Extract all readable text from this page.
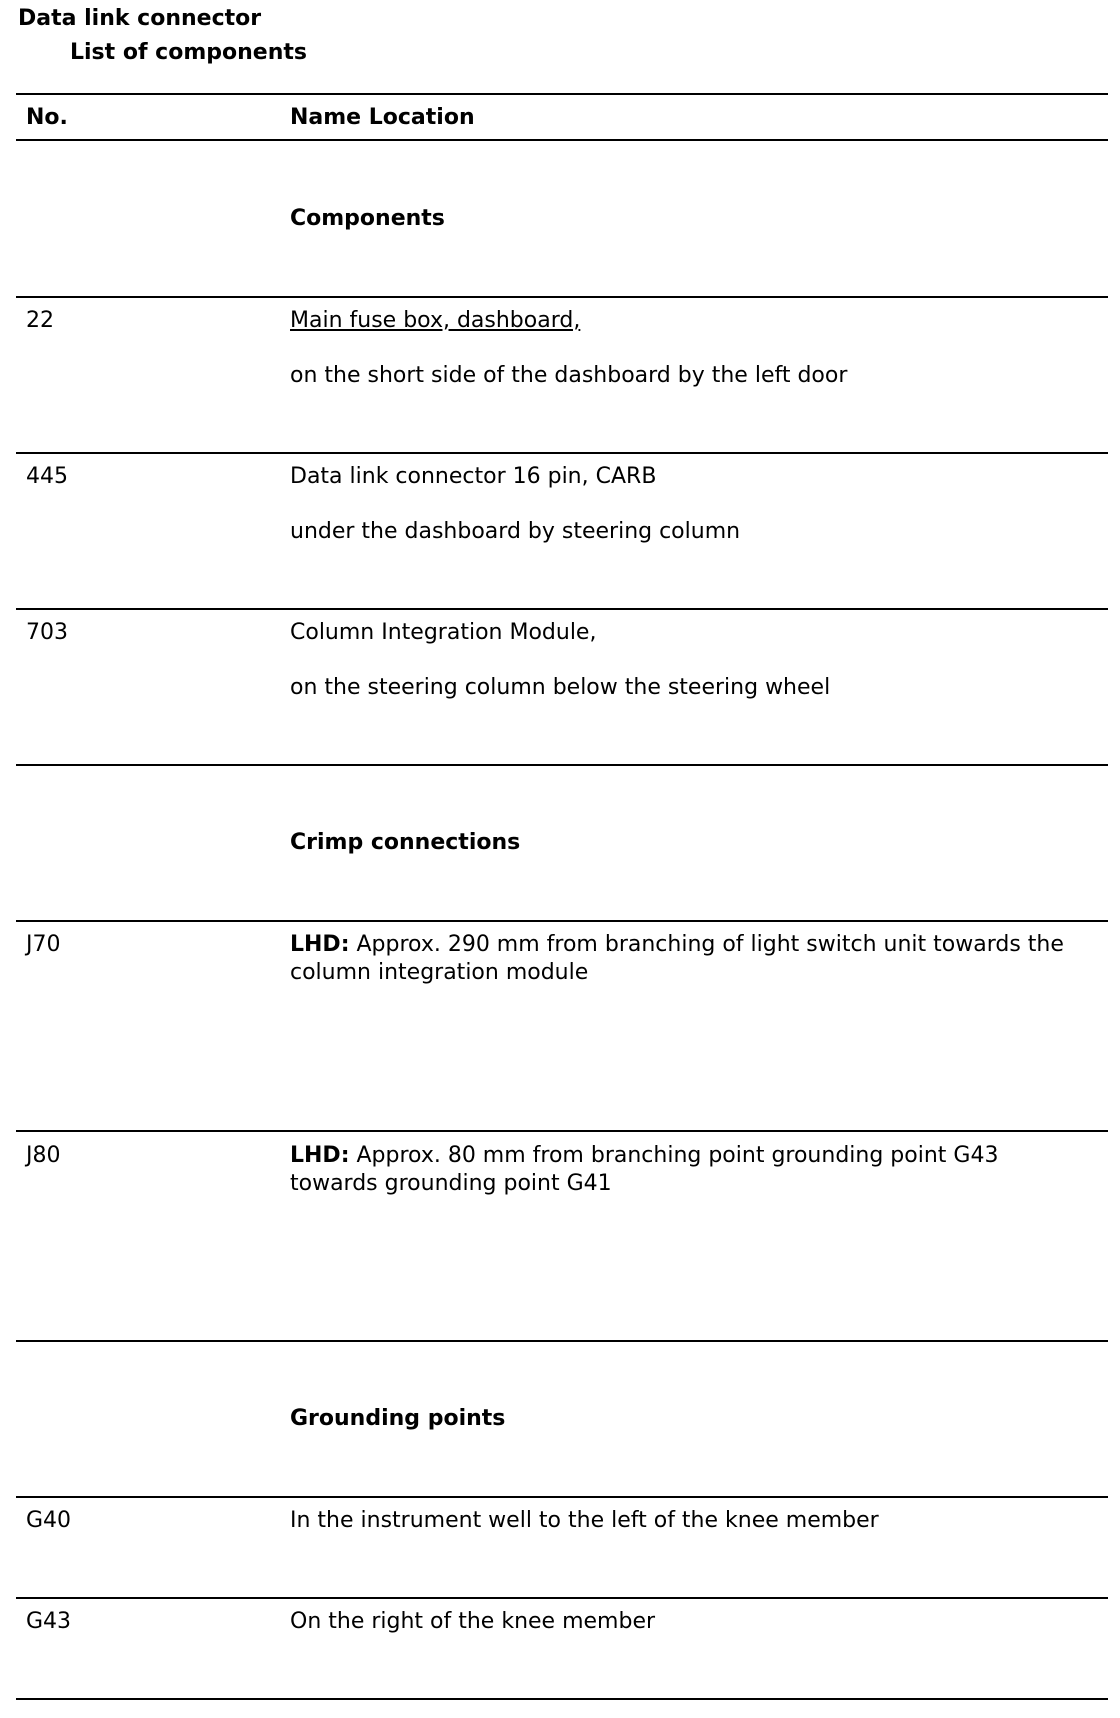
Data link connector
List of components
No.	Name Location
Components
22	Main fuse box, dashboard,
on the short side of the dashboard by the left door
445	Data link connector 16 pin, CARB
under the dashboard by steering column
703	Column Integration Module,
on the steering column below the steering wheel
Crimp connections
J70	LHD: Approx. 290 mm from branching of light switch unit towards the column integration module
J80	LHD: Approx. 80 mm from branching point grounding point G43 towards grounding point G41
Grounding points
G40	In the instrument well to the left of the knee member
G43	On the right of the knee member
